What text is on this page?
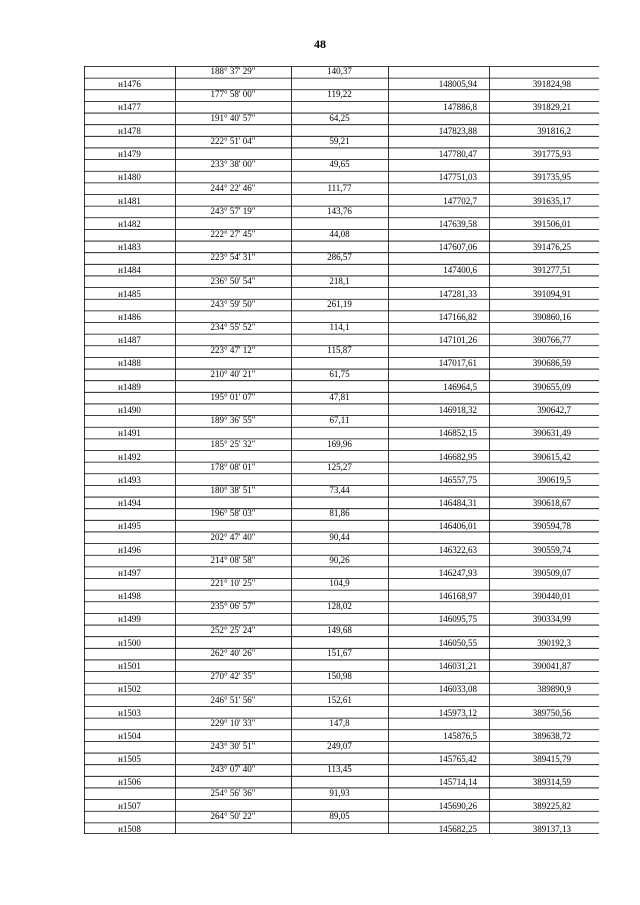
48
188° 37' 29"	140,37
н1476	148005,94	391824,98
177° 58' 00"	119,22
н1477	147886,8	391829,21
191° 40' 57"	64,25
н1478	147823,88	391816,2
222° 51' 04"	59,21
н1479	147780,47	391775,93
233° 38' 00"	49,65
н1480	147751,03	391735,95
244° 22' 46"	111,77
н1481	147702,7	391635,17
243° 57' 19"	143,76
н1482	147639,58	391506,01
222° 27' 45"	44,08
н1483	147607,06	391476,25
223° 54' 31"	286,57
н1484	147400,6	391277,51
236° 50' 54"	218,1
н1485	147281,33	391094,91
243° 59' 50"	261,19
н1486	147166,82	390860,16
234° 55' 52"	114,1
н1487	147101,26	390766,77
223° 47' 12"	115,87
н1488	147017,61	390686,59
210° 40' 21"	61,75
н1489	146964,5	390655,09
195° 01' 07"	47,81
н1490	146918,32	390642,7
189° 36' 55"	67,11
н1491	146852,15	390631,49
185° 25' 32"	169,96
н1492	146682,95	390615,42
178° 08' 01"	125,27
н1493	146557,75	390619,5
180° 38' 51"	73,44
н1494	146484,31	390618,67
196° 58' 03"	81,86
н1495	146406,01	390594,78
202° 47' 40"	90,44
н1496	146322,63	390559,74
214° 08' 58"	90,26
н1497	146247,93	390509,07
221° 10' 25"	104,9
н1498	146168,97	390440,01
235° 06' 57"	128,02
н1499	146095,75	390334,99
252° 25' 24"	149,68
н1500	146050,55	390192,3
262° 40' 26"	151,67
н1501	146031,21	390041,87
270° 42' 35"	150,98
н1502	146033,08	389890,9
246° 51' 56"	152,61
н1503	145973,12	389750,56
229° 10' 33"	147,8
н1504	145876,5	389638,72
243° 30' 51"	249,07
н1505	145765,42	389415,79
243° 07' 40"	113,45
н1506	145714,14	389314,59
254° 56' 36"	91,93
н1507	145690,26	389225,82
264° 50' 22"	89,05
н1508	145682,25	389137,13
